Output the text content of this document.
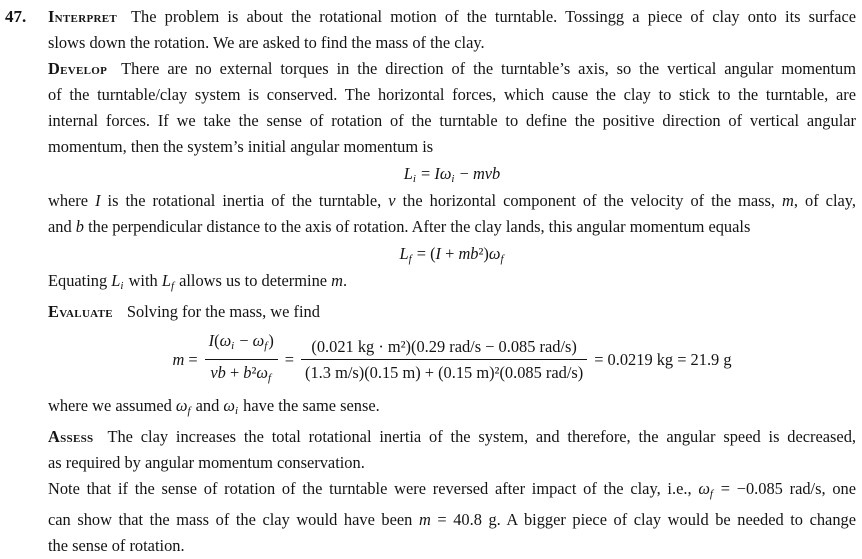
47. Interpret The problem is about the rotational motion of the turntable. Tossingg a piece of clay onto its surface
slows down the rotation. We are asked to find the mass of the clay.
Develop There are no external torques in the direction of the turntable’s axis, so the vertical angular momentum
of the turntable/clay system is conserved. The horizontal forces, which cause the clay to stick to the turntable, are
internal forces. If we take the sense of rotation of the turntable to define the positive direction of vertical angular
momentum, then the system’s initial angular momentum is
Li = Iωi − mvb
where I is the rotational inertia of the turntable, v the horizontal component of the velocity of the mass, m, of clay,
and b the perpendicular distance to the axis of rotation. After the clay lands, this angular momentum equals
Lf = (I + mb²)ωf
Equating Li with Lf allows us to determine m.
Evaluate Solving for the mass, we find
$m = \frac{I(\omega i - \omega f)}{\text{vb + b²ωf}} = \frac{\text{(0.021 kg · m²)(0.29 rad/s − 0.085 rad/s)}}{\text{(1.3 m/s)(0.15 m) + (0.15 m)²(0.085 rad/s)}} = 0.0219$ kg = 21.9 g
where we assumed ωf and ωi have the same sense.
Assess The clay increases the total rotational inertia of the system, and therefore, the angular speed is decreased,
as required by angular momentum conservation.
Note that if the sense of rotation of the turntable were reversed after impact of the clay, i.e., ωf = −0.085 rad/s, one
can show that the mass of the clay would have been m = 40.8 g. A bigger piece of clay would be needed to change
the sense of rotation.
